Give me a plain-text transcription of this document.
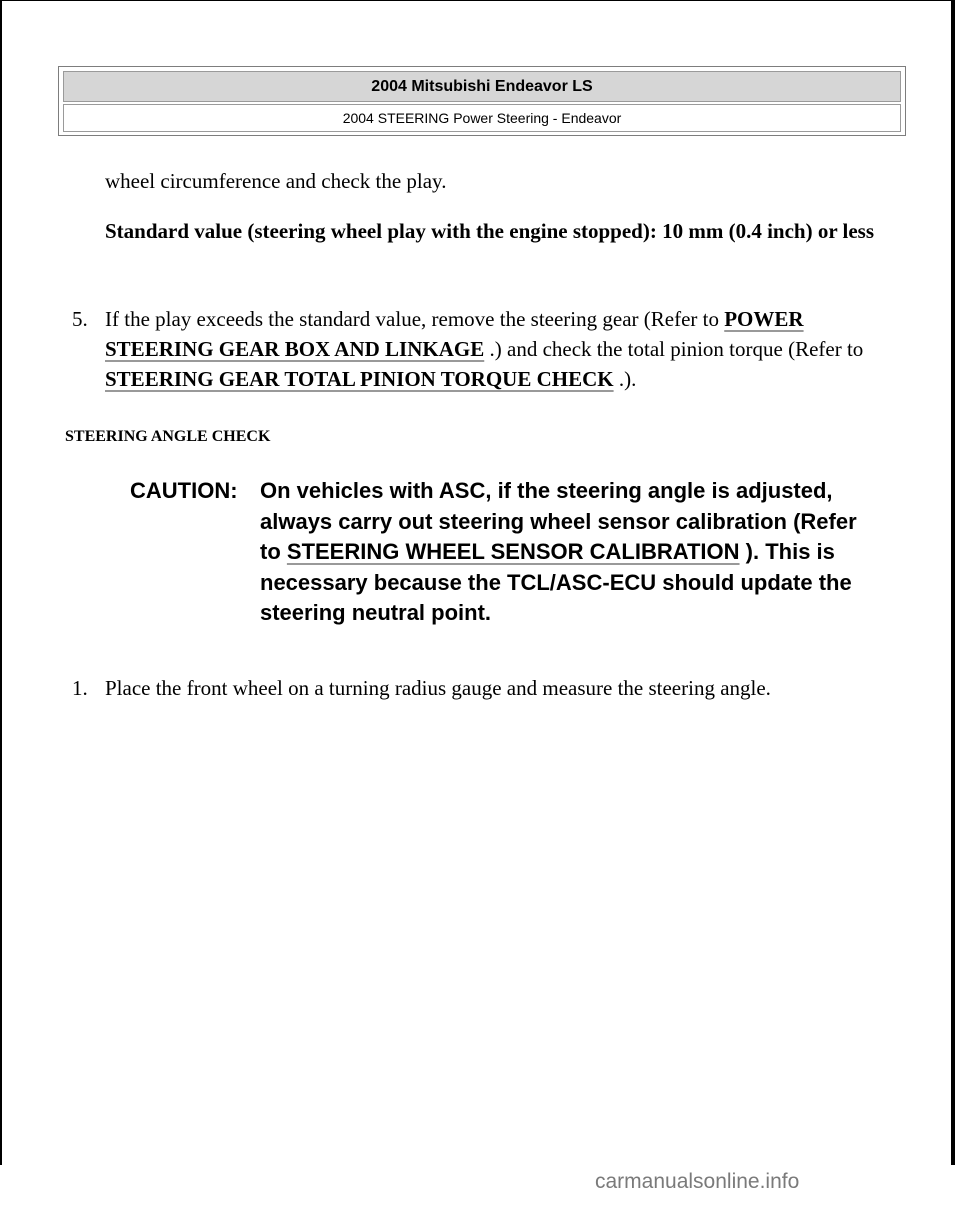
2004 Mitsubishi Endeavor LS
2004 STEERING Power Steering - Endeavor
wheel circumference and check the play.
Standard value (steering wheel play with the engine stopped): 10 mm (0.4 inch) or less
5. If the play exceeds the standard value, remove the steering gear (Refer to POWER STEERING GEAR BOX AND LINKAGE .) and check the total pinion torque (Refer to STEERING GEAR TOTAL PINION TORQUE CHECK .).
STEERING ANGLE CHECK
CAUTION: On vehicles with ASC, if the steering angle is adjusted, always carry out steering wheel sensor calibration (Refer to STEERING WHEEL SENSOR CALIBRATION ). This is necessary because the TCL/ASC-ECU should update the steering neutral point.
1. Place the front wheel on a turning radius gauge and measure the steering angle.
carmanualsonline.info
